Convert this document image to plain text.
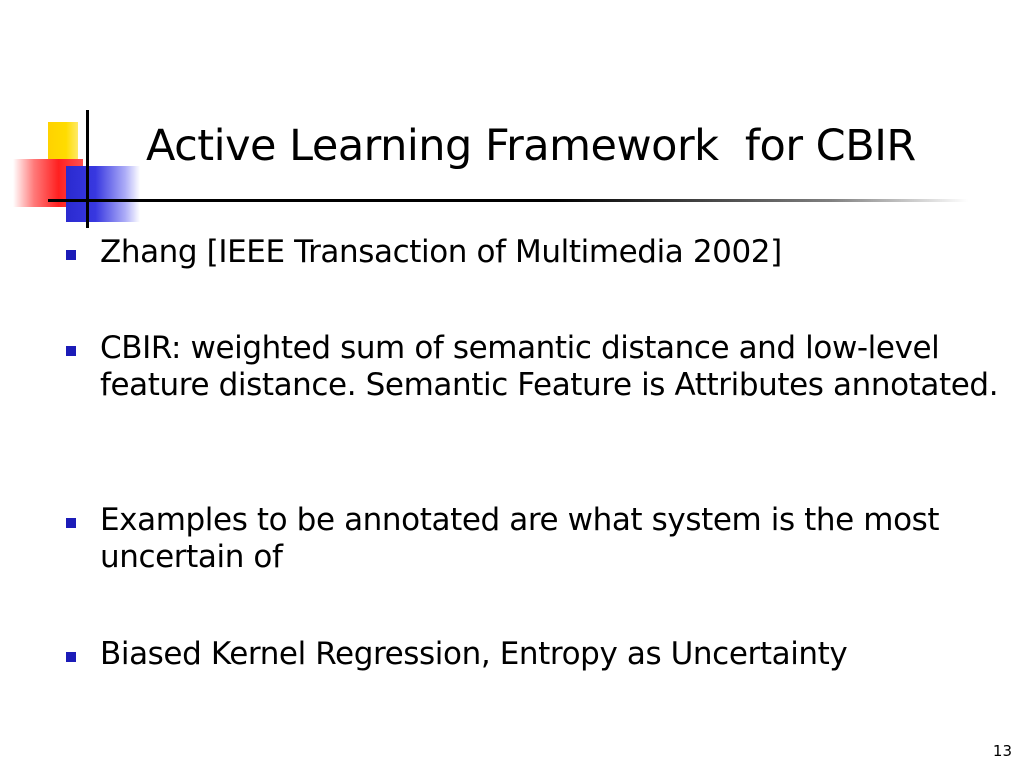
Active Learning Framework  for CBIR
Zhang [IEEE Transaction of Multimedia 2002]
CBIR: weighted sum of semantic distance and low-level feature distance. Semantic Feature is Attributes annotated.
Examples to be annotated are what system is the most uncertain of
Biased Kernel Regression, Entropy as Uncertainty
13
